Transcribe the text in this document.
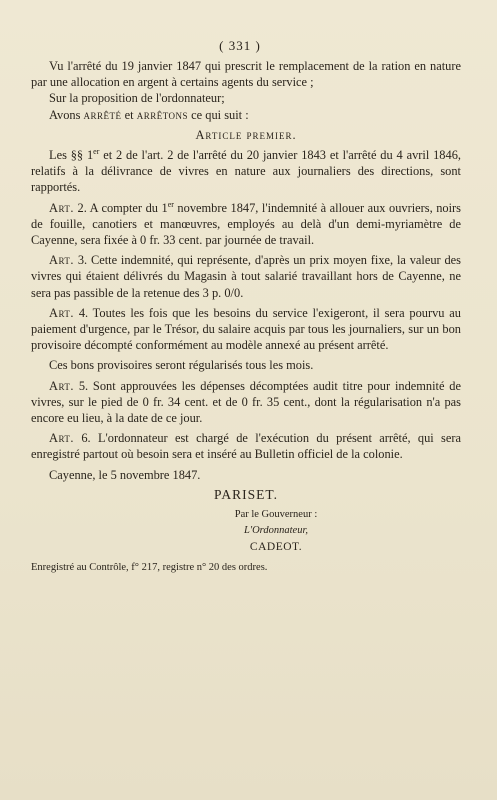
( 331 )

Vu l'arrêté du 19 janvier 1847 qui prescrit le remplacement de la ration en nature par une allocation en argent à certains agents du service ;

Sur la proposition de l'ordonnateur;

Avons arrêté et arrêtons ce qui suit :

Article premier.

Les §§ 1er et 2 de l'art. 2 de l'arrêté du 20 janvier 1843 et l'arrêté du 4 avril 1846, relatifs à la délivrance de vivres en nature aux journaliers des directions, sont rapportés.

Art. 2. A compter du 1er novembre 1847, l'indemnité à allouer aux ouvriers, noirs de fouille, canotiers et manœuvres, employés au delà d'un demi-myriamètre de Cayenne, sera fixée à 0 fr. 33 cent. par journée de travail.

Art. 3. Cette indemnité, qui représente, d'après un prix moyen fixe, la valeur des vivres qui étaient délivrés du Magasin à tout salarié travaillant hors de Cayenne, ne sera pas passible de la retenue des 3 p. 0/0.

Art. 4. Toutes les fois que les besoins du service l'exigeront, il sera pourvu au paiement d'urgence, par le Trésor, du salaire acquis par tous les journaliers, sur un bon provisoire décompté conformément au modèle annexé au présent arrêté.

Ces bons provisoires seront régularisés tous les mois.

Art. 5. Sont approuvées les dépenses décomptées audit titre pour indemnité de vivres, sur le pied de 0 fr. 34 cent. et de 0 fr. 35 cent., dont la régularisation n'a pas encore eu lieu, à la date de ce jour.

Art. 6. L'ordonnateur est chargé de l'exécution du présent arrêté, qui sera enregistré partout où besoin sera et inséré au Bulletin officiel de la colonie.

Cayenne, le 5 novembre 1847.

PARISET.

Par le Gouverneur :

L'Ordonnateur,

CADEOT.

Enregistré au Contrôle, f° 217, registre n° 20 des ordres.
